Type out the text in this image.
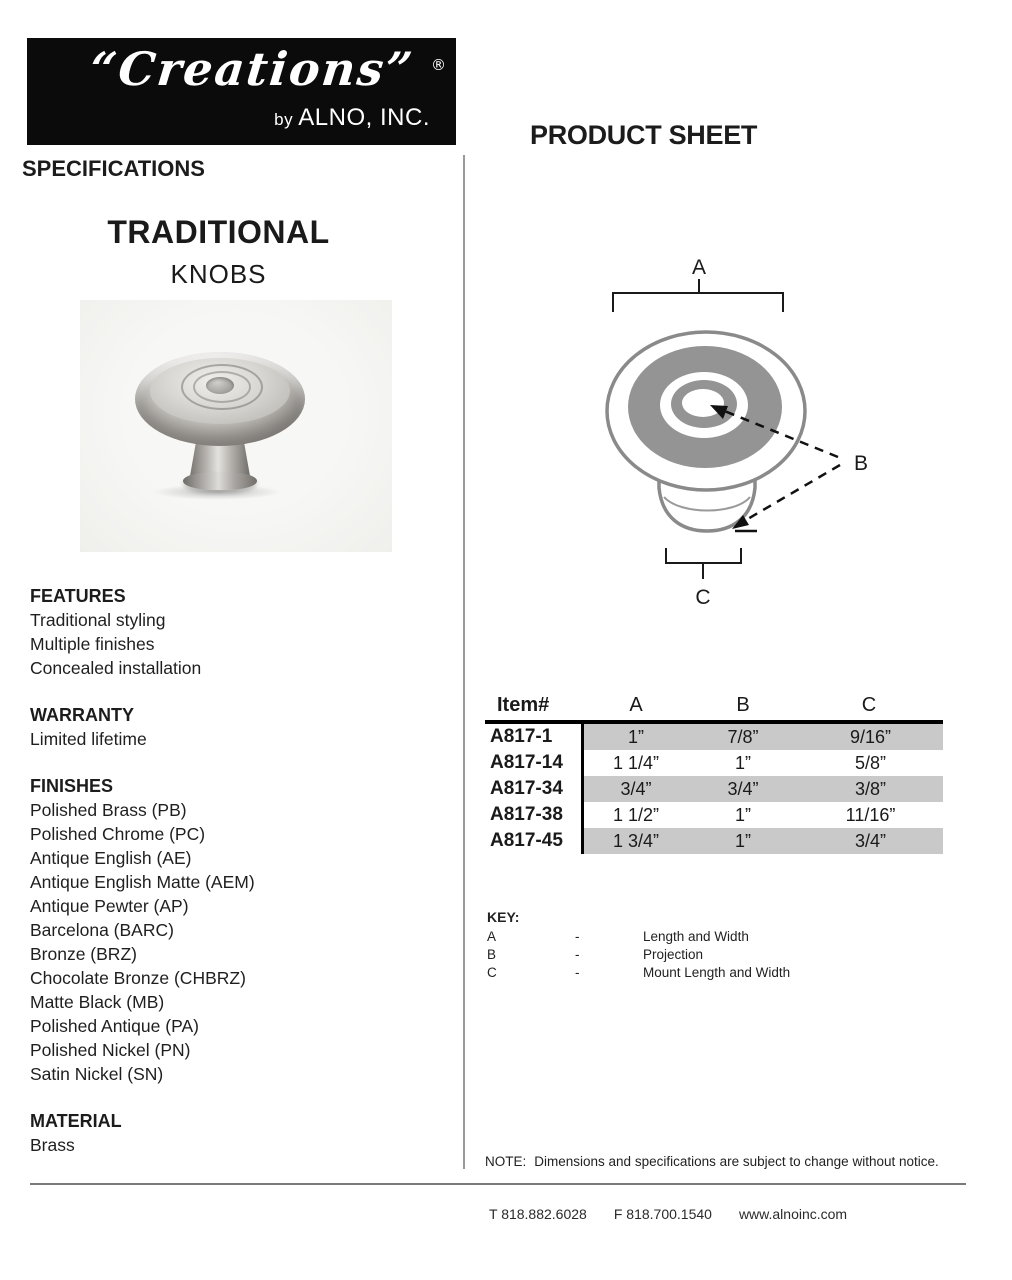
“Creations” ®
by ALNO, INC.
PRODUCT SHEET
SPECIFICATIONS
TRADITIONAL
KNOBS
FEATURES
Traditional styling
Multiple finishes
Concealed installation
WARRANTY
Limited lifetime
FINISHES
Polished Brass (PB)
Polished Chrome (PC)
Antique English (AE)
Antique English Matte (AEM)
Antique Pewter (AP)
Barcelona (BARC)
Bronze (BRZ)
Chocolate Bronze (CHBRZ)
Matte Black (MB)
Polished Antique (PA)
Polished Nickel (PN)
Satin Nickel (SN)
MATERIAL
Brass
A
B
C
Item#	A	B	C
A817-1	1”	7/8”	9/16”
A817-14	1 1/4”	1”	5/8”
A817-34	3/4”	3/4”	3/8”
A817-38	1 1/2”	1”	11/16”
A817-45	1 3/4”	1”	3/4”
KEY:
A	-	Length and Width
B	-	Projection
C	-	Mount Length and Width
NOTE: Dimensions and specifications are subject to change without notice.
T 818.882.6028 F 818.700.1540 www.alnoinc.com
